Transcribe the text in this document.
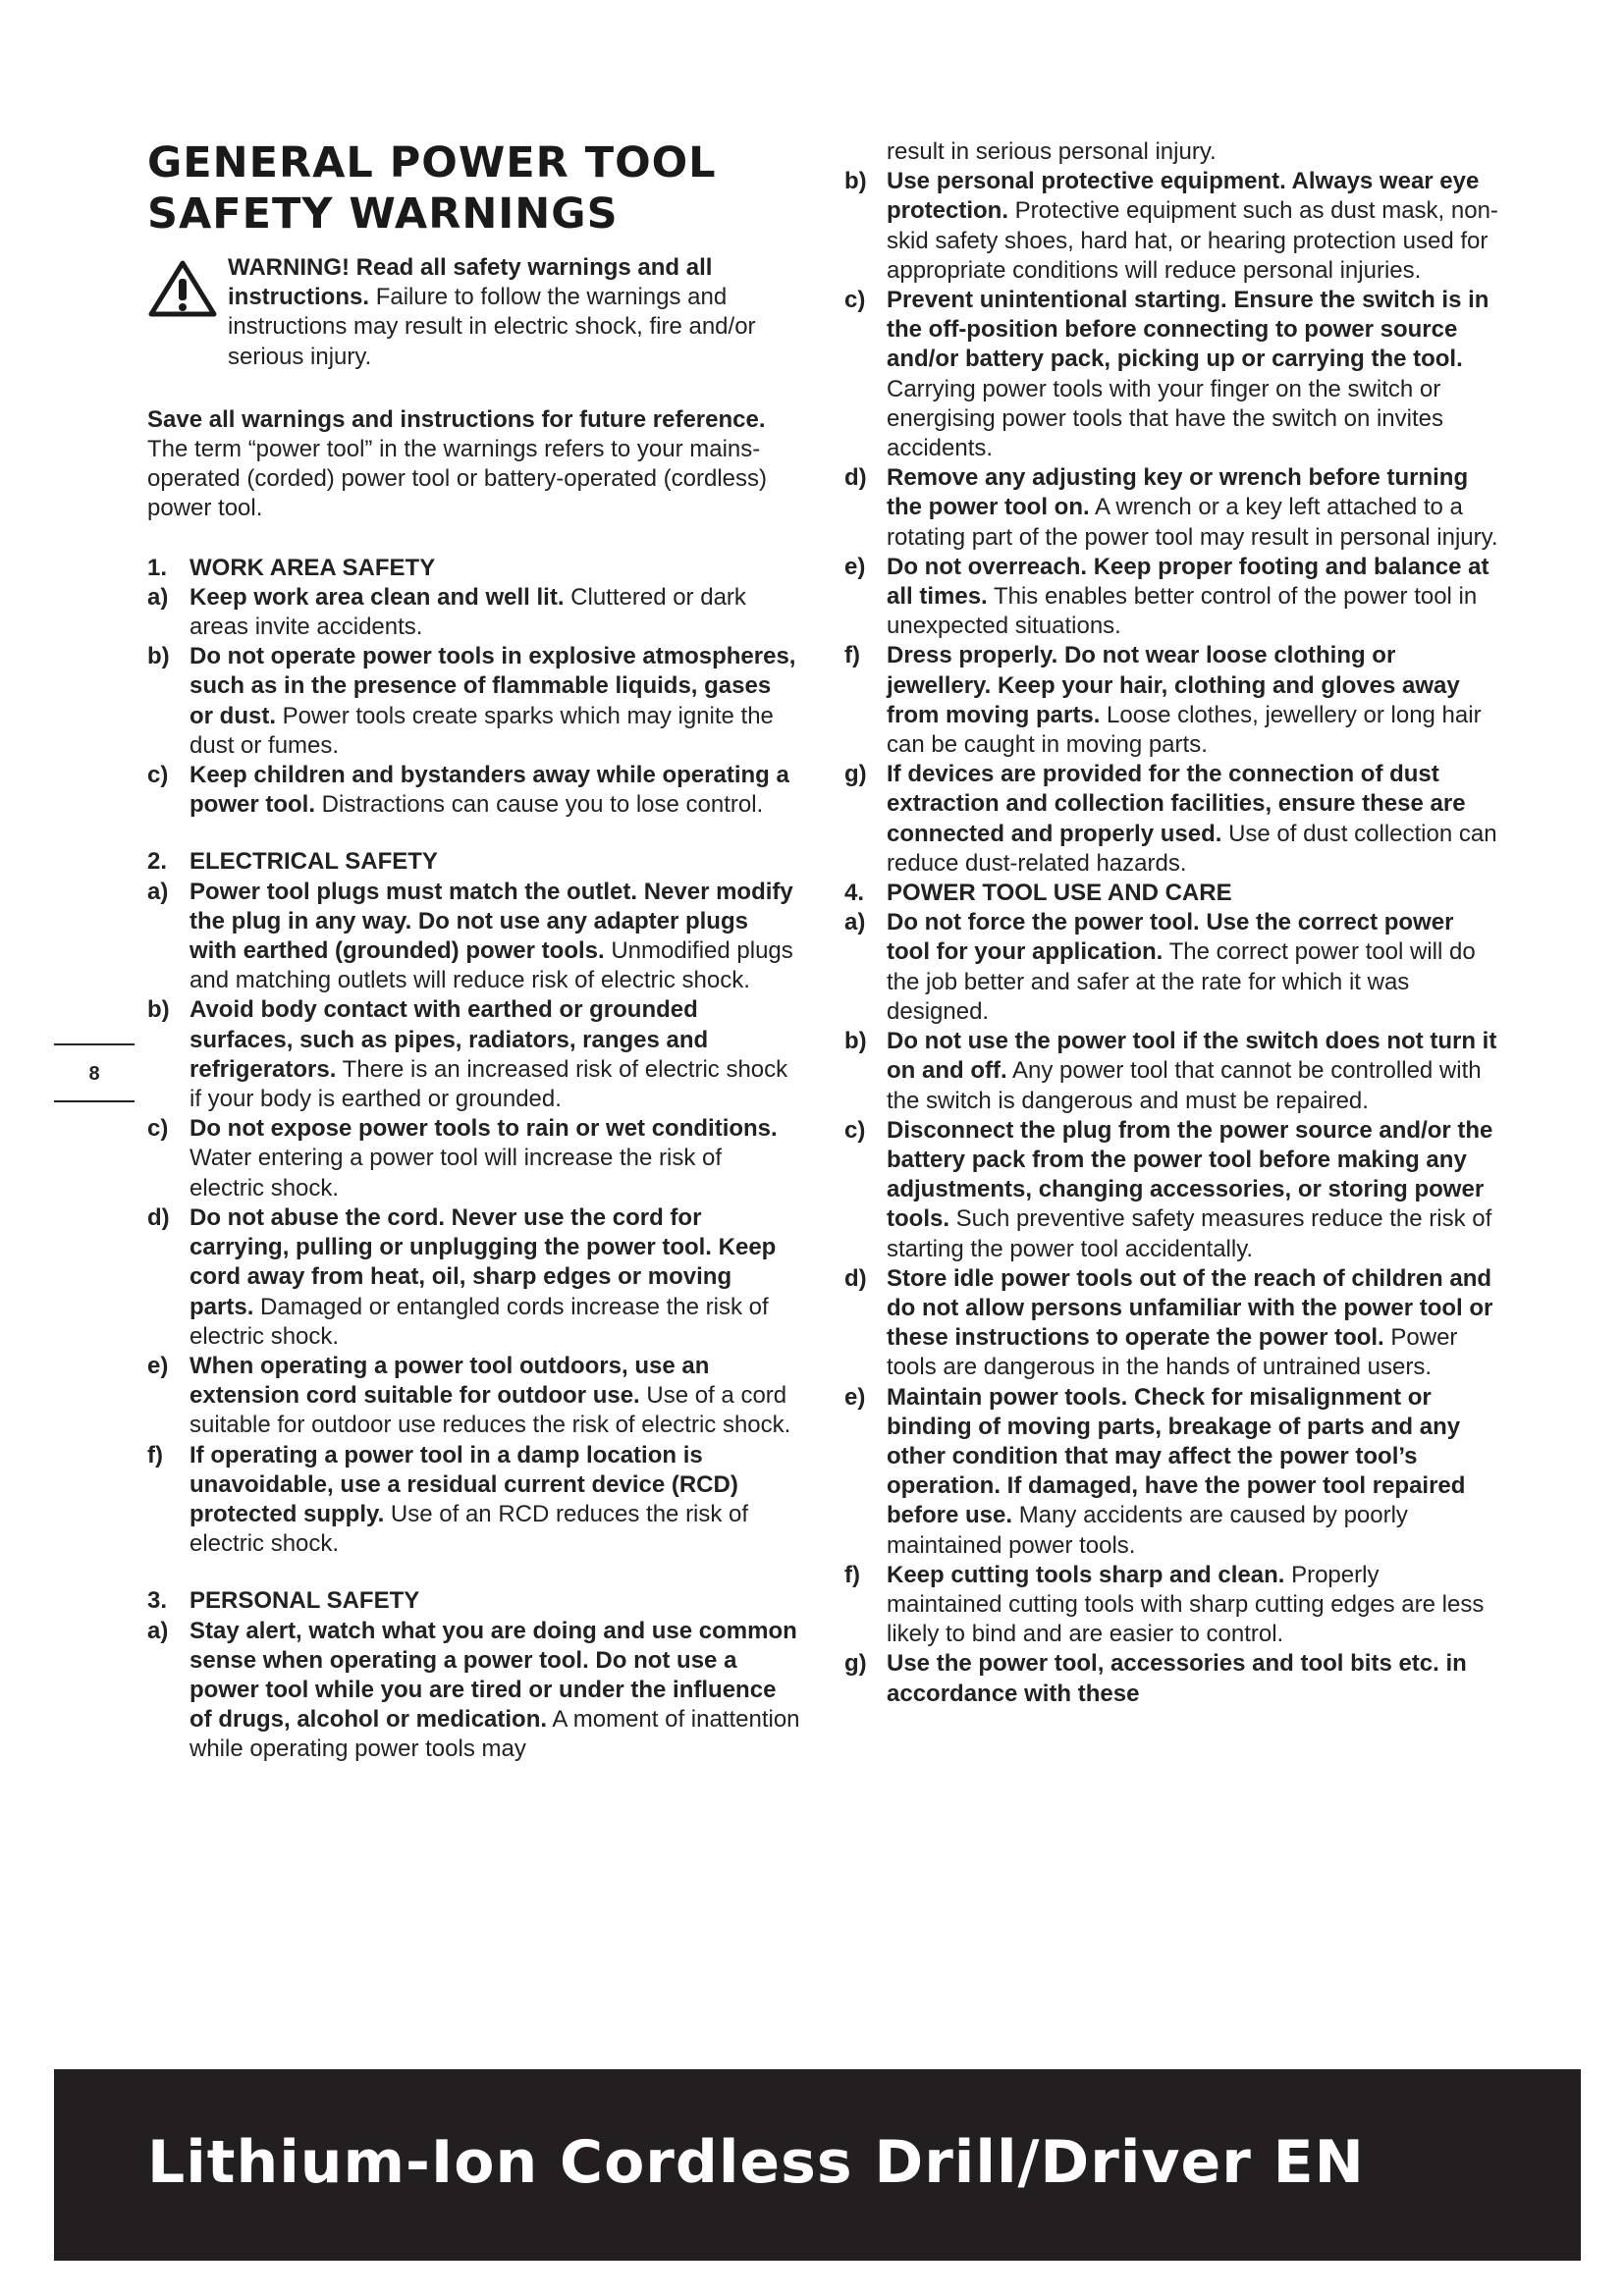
GENERAL POWER TOOL SAFETY WARNINGS
WARNING! Read all safety warnings and all instructions. Failure to follow the warnings and instructions may result in electric shock, fire and/or serious injury.

Save all warnings and instructions for future reference.
The term “power tool” in the warnings refers to your mains-operated (corded) power tool or battery-operated (cordless) power tool.

1. WORK AREA SAFETY
a) Keep work area clean and well lit. Cluttered or dark areas invite accidents.
b) Do not operate power tools in explosive atmospheres, such as in the presence of flammable liquids, gases or dust. Power tools create sparks which may ignite the dust or fumes.
c) Keep children and bystanders away while operating a power tool. Distractions can cause you to lose control.
2. ELECTRICAL SAFETY
a) Power tool plugs must match the outlet. Never modify the plug in any way. Do not use any adapter plugs with earthed (grounded) power tools. Unmodified plugs and matching outlets will reduce risk of electric shock.
b) Avoid body contact with earthed or grounded surfaces, such as pipes, radiators, ranges and refrigerators. There is an increased risk of electric shock if your body is earthed or grounded.
c) Do not expose power tools to rain or wet conditions. Water entering a power tool will increase the risk of electric shock.
d) Do not abuse the cord. Never use the cord for carrying, pulling or unplugging the power tool. Keep cord away from heat, oil, sharp edges or moving parts. Damaged or entangled cords increase the risk of electric shock.
e) When operating a power tool outdoors, use an extension cord suitable for outdoor use. Use of a cord suitable for outdoor use reduces the risk of electric shock.
f)	If operating a power tool in a damp location is unavoidable, use a residual current device (RCD) protected supply. Use of an RCD reduces the risk of electric shock.
3. PERSONAL SAFETY
a) Stay alert, watch what you are doing and use common sense when operating a power tool. Do not use a power tool while you are tired or under the influence of drugs, alcohol or medication. A moment of inattention while operating power tools may

result in serious personal injury.

b) Use personal protective equipment. Always wear eye protection. Protective equipment such as dust mask, non-skid safety shoes, hard hat, or hearing protection used for appropriate conditions will reduce personal injuries.
c) Prevent unintentional starting. Ensure the switch is in the off-position before connecting to power source and/or battery pack, picking up or carrying the tool. Carrying power tools with your finger on the switch or energising power tools that have the switch on invites accidents.
d) Remove any adjusting key or wrench before turning the power tool on. A wrench or a key left attached to a rotating part of the power tool may result in personal injury.
e) Do not overreach. Keep proper footing and balance at all times. This enables better control of the power tool in unexpected situations.
f)	Dress properly. Do not wear loose clothing or jewellery. Keep your hair, clothing and gloves away from moving parts. Loose clothes, jewellery or long hair can be caught in moving parts.
g) If devices are provided for the connection of dust extraction and collection facilities, ensure these are connected and properly used. Use of dust collection can reduce dust-related hazards.
4. POWER TOOL USE AND CARE
a) Do not force the power tool. Use the correct power tool for your application. The correct power tool will do the job better and safer at the rate for which it was designed.
b) Do not use the power tool if the switch does not turn it on and off. Any power tool that cannot be controlled with the switch is dangerous and must be repaired.
c) Disconnect the plug from the power source and/or the battery pack from the power tool before making any adjustments, changing accessories, or storing power tools. Such preventive safety measures reduce the risk of starting the power tool accidentally.
d) Store idle power tools out of the reach of children and do not allow persons unfamiliar with the power tool or these instructions to operate the power tool. Power tools are dangerous in the hands of untrained users.
e) Maintain power tools. Check for misalignment or binding of moving parts, breakage of parts and any other condition that may affect the power tool’s operation. If damaged, have the power tool repaired before use. Many accidents are caused by poorly maintained power tools.
f)	Keep cutting tools sharp and clean. Properly maintained cutting tools with sharp cutting edges are less likely to bind and are easier to control.
g) Use the power tool, accessories and tool bits etc. in accordance with these
8
Lithium-Ion Cordless Drill/Driver EN
